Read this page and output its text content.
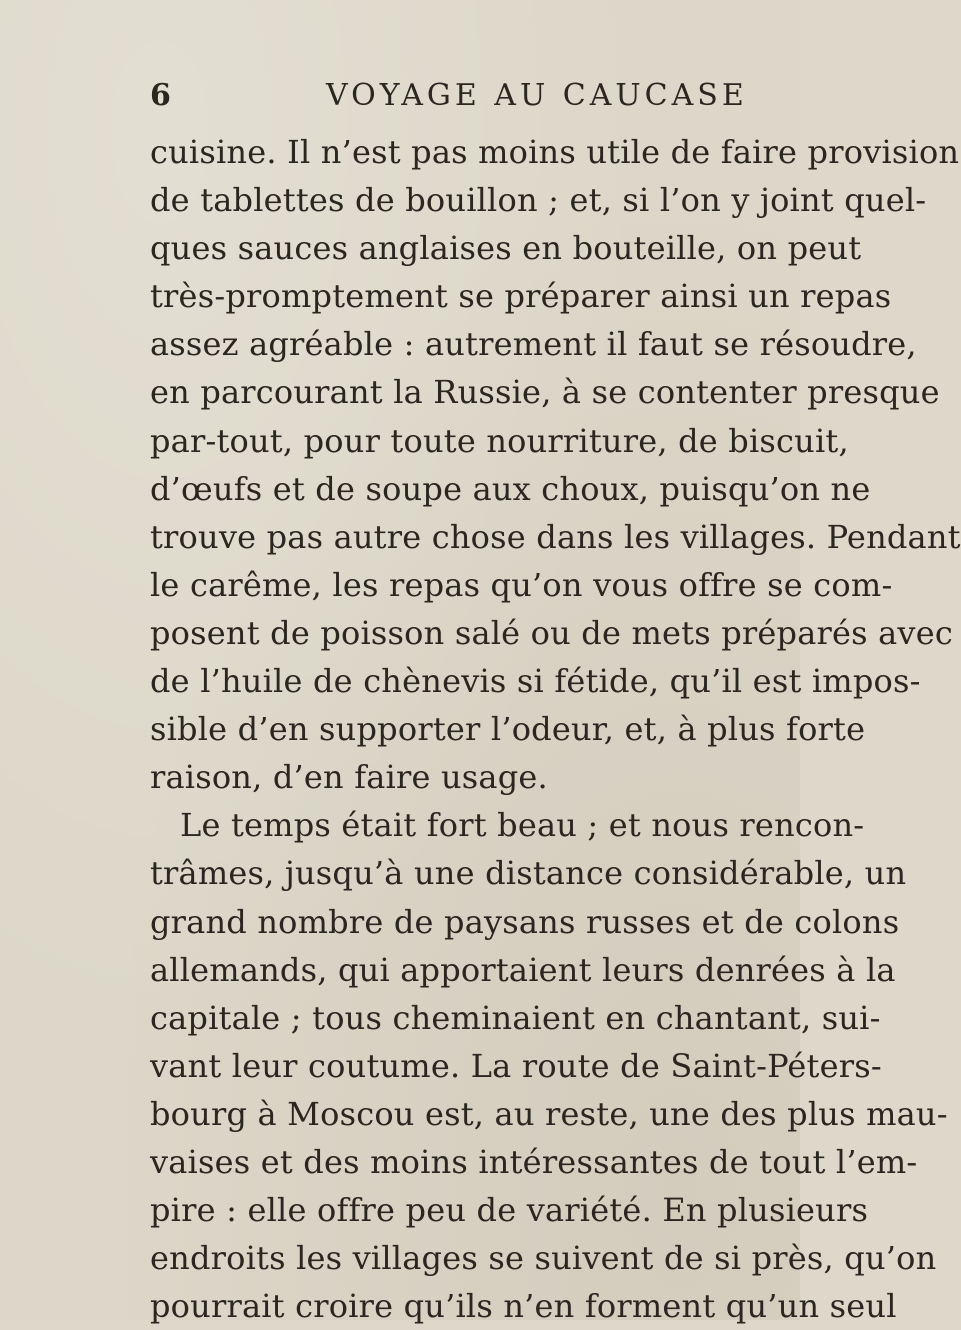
6	VOYAGE AU CAUCASE
cuisine. Il n’est pas moins utile de faire provision
de tablettes de bouillon ; et, si l’on y joint quel-
ques sauces anglaises en bouteille, on peut
très-promptement se préparer ainsi un repas
assez agréable : autrement il faut se résoudre,
en parcourant la Russie, à se contenter presque
par-tout, pour toute nourriture, de biscuit,
d’œufs et de soupe aux choux, puisqu’on ne
trouve pas autre chose dans les villages. Pendant
le carême, les repas qu’on vous offre se com-
posent de poisson salé ou de mets préparés avec
de l’huile de chènevis si fétide, qu’il est impos-
sible d’en supporter l’odeur, et, à plus forte
raison, d’en faire usage.
Le temps était fort beau ; et nous rencon-
trâmes, jusqu’à une distance considérable, un
grand nombre de paysans russes et de colons
allemands, qui apportaient leurs denrées à la
capitale ; tous cheminaient en chantant, sui-
vant leur coutume. La route de Saint-Péters-
bourg à Moscou est, au reste, une des plus mau-
vaises et des moins intéressantes de tout l’em-
pire : elle offre peu de variété. En plusieurs
endroits les villages se suivent de si près, qu’on
pourrait croire qu’ils n’en forment qu’un seul
